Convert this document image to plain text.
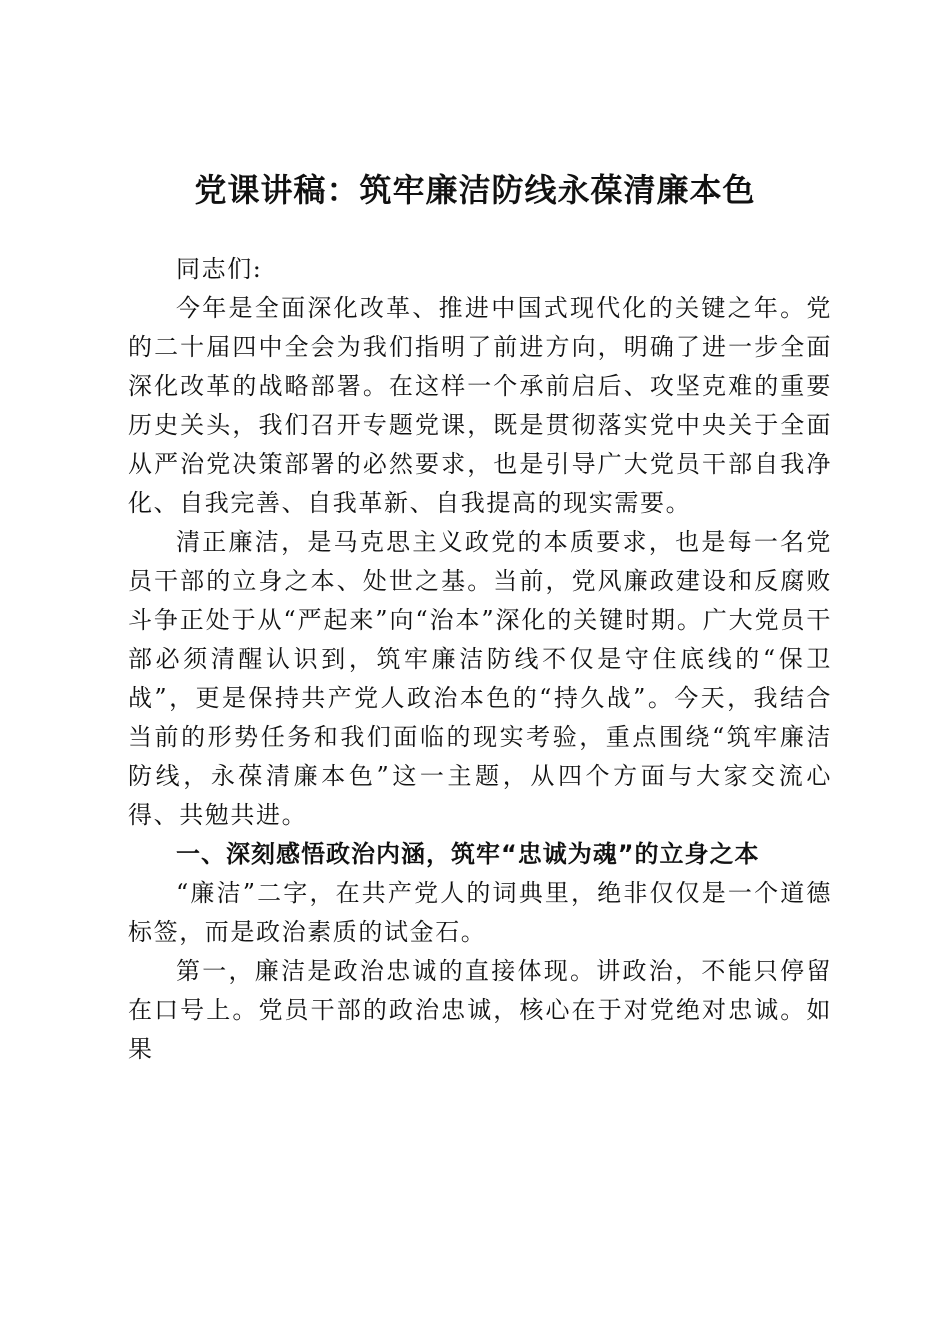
党课讲稿：筑牢廉洁防线永葆清廉本色

同志们:

今年是全面深化改革、推进中国式现代化的关键之年。党的二十届四中全会为我们指明了前进方向，明确了进一步全面深化改革的战略部署。在这样一个承前启后、攻坚克难的重要历史关头，我们召开专题党课，既是贯彻落实党中央关于全面从严治党决策部署的必然要求，也是引导广大党员干部自我净化、自我完善、自我革新、自我提高的现实需要。

清正廉洁，是马克思主义政党的本质要求，也是每一名党员干部的立身之本、处世之基。当前，党风廉政建设和反腐败斗争正处于从“严起来”向“治本”深化的关键时期。广大党员干部必须清醒认识到，筑牢廉洁防线不仅是守住底线的“保卫战”，更是保持共产党人政治本色的“持久战”。今天，我结合当前的形势任务和我们面临的现实考验，重点围绕“筑牢廉洁防线，永葆清廉本色”这一主题，从四个方面与大家交流心得、共勉共进。

一、深刻感悟政治内涵，筑牢“忠诚为魂”的立身之本

“廉洁”二字，在共产党人的词典里，绝非仅仅是一个道德标签，而是政治素质的试金石。

第一，廉洁是政治忠诚的直接体现。讲政治，不能只停留在口号上。党员干部的政治忠诚，核心在于对党绝对忠诚。如果
